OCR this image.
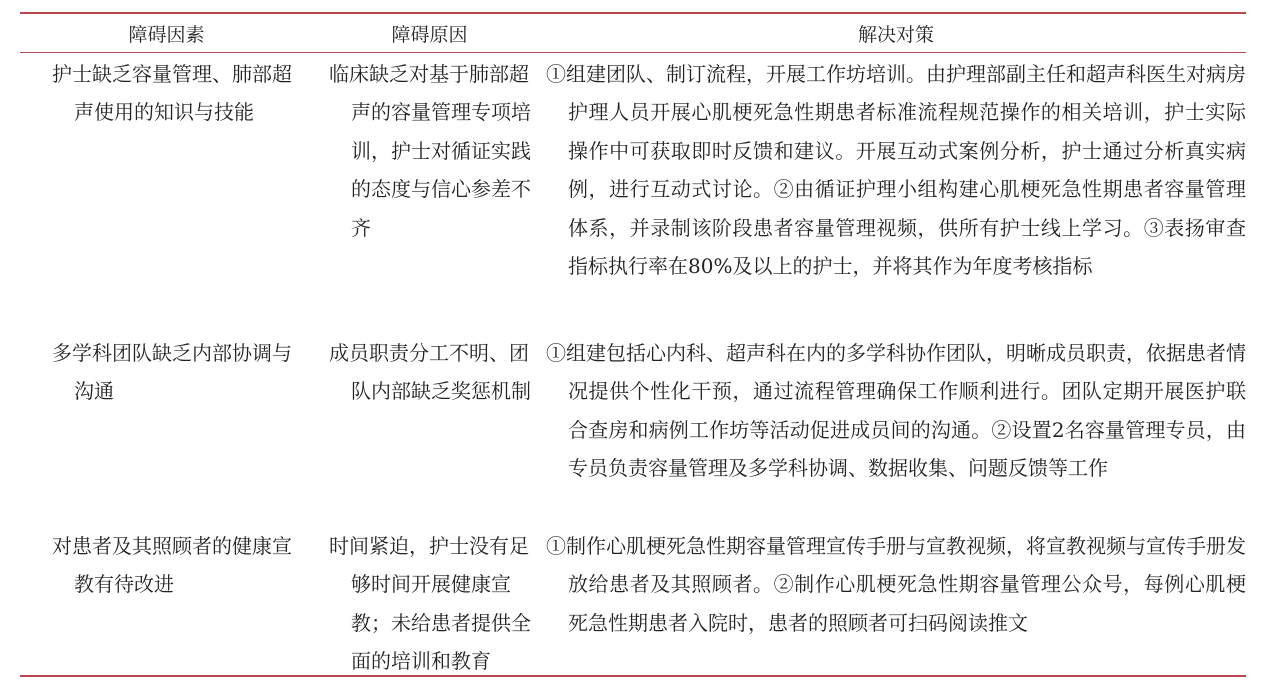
障碍因素	障碍原因	解决对策
护士缺乏容量管理、肺部超声使用的知识与技能
临床缺乏对基于肺部超声的容量管理专项培训，护士对循证实践的态度与信心参差不齐
①组建团队、制订流程，开展工作坊培训。由护理部副主任和超声科医生对病房护理人员开展心肌梗死急性期患者标准流程规范操作的相关培训，护士实际操作中可获取即时反馈和建议。开展互动式案例分析，护士通过分析真实病例，进行互动式讨论。②由循证护理小组构建心肌梗死急性期患者容量管理体系，并录制该阶段患者容量管理视频，供所有护士线上学习。③表扬审查指标执行率在80%及以上的护士，并将其作为年度考核指标
多学科团队缺乏内部协调与沟通
成员职责分工不明、团队内部缺乏奖惩机制
①组建包括心内科、超声科在内的多学科协作团队，明晰成员职责，依据患者情况提供个性化干预，通过流程管理确保工作顺利进行。团队定期开展医护联合查房和病例工作坊等活动促进成员间的沟通。②设置2名容量管理专员，由专员负责容量管理及多学科协调、数据收集、问题反馈等工作
对患者及其照顾者的健康宣教有待改进
时间紧迫，护士没有足够时间开展健康宣教；未给患者提供全面的培训和教育
①制作心肌梗死急性期容量管理宣传手册与宣教视频，将宣教视频与宣传手册发放给患者及其照顾者。②制作心肌梗死急性期容量管理公众号，每例心肌梗死急性期患者入院时，患者的照顾者可扫码阅读推文
